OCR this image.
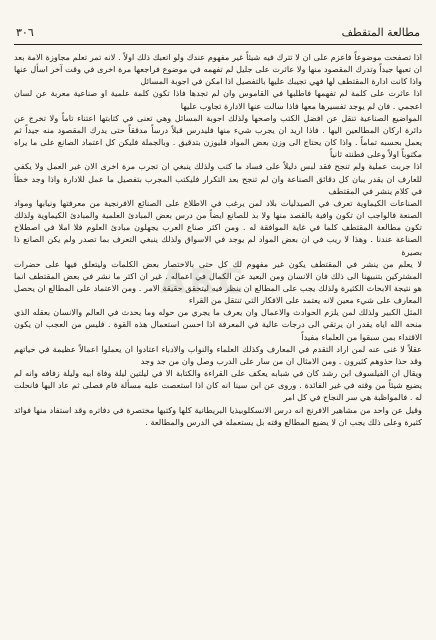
٣٠٦	مطالعة المتقطف

اذا تصفحت موضوعاً فاعزم على ان لا تترك فيه شيئاً غير مفهوم عندك ولو اتعبك ذلك اولاً . لانه تمر تعلم مجاوزة الامة بعد ان تعبها جيداً وتدرك المقصود منها ولا عاثرت على جليل لم تفهمه في موضوع فراجعها مرة اخرى في وقت آخر اسأل عنها واذا كانت ادارة المقتطف لها فهي تجيبك عليها بالتفصيل اذا امكن في اجوبة المسائل

اذا عاثرت على كلمة لم تفهمها فاطلبها في القاموس وان لم تجدها فاذا تكون كلمة علمية او صناعية معربة عن لسان اعجمي . فان لم يوجد تفسيرها معها فاذا سالت عنها الادارة تجاوب عليها

المواضيع الصناعية تنقل عن افضل الكتب واصحها ولذلك اجوبة المسائل وهي تعنى في كتابتها اعتناء تاماً ولا تخرج عن دائرة اركان المطالعين اليها . فاذا اريد ان يجرب شيء منها فليدرس قبلاً درساً مدققاً حتى يدرك المقصود منه جيداً ثم يعمل بحسبه تماماً . واذا كان يحتاج الى وزن بعض المواد فليوزن بتدقيق . وبالجملة فليكن كل اعتماد الصانع على ما يراه مكتوباً اولاً وعلى فطنته ثانياً

اذا جربت عملية ولم تنجح فقد لبس دليلاً على فساد ما كتب ولذلك ينبغي ان تجرب مرة اخرى الان غير العمل ولا يكفي للعارف ان يقدر يبان كل دقائق الصناعة وان لم تنجح بعد التكرار فليكتب المجرب بتفصيل ما عمل للادارة واذا وجد خطأ في كلام ينشر في المقتطف

الصناعات الكيماوية تعرف في الصيدليات بلاد لمن يرغب في الاطلاع على الصنائع الافرنجية من معرفتها ونيابها ومواد الصنعة فالواجب ان تكون وافية بالقصد منها ولا بد للصانع ايضاً من درس بعض المبادئ العلمية والمبادئ الكيماوية ولذلك تكون مطالعة المقتطف كلما في غاية الموافقة له . ومن اكثر صناع العرب يجهلون مبادئ العلوم فلا املا في اصطلاح الصناعة عندنا . وهذا لا ريب في ان بعض المواد لم يوجد في الاسواق ولذلك ينبغي التعرف بما تصدر ولم يكن الصانع ذا بصيرة

لا يعلم من ينشر في المقتطف يكون غير مفهوم لك كل حتى بالاختصار بعض الكلمات وليتعلق فيها على حضرات المشتركين بتنبيهنا الى ذلك فان الانسان ومن البعيد عن الكمال في اعماله . غير ان اكثر ما نشر في بعض المقتطف انما هو نتيجة الابحاث الكثيرة ولذلك يجب على المطالع ان ينظر فيه ليتحقق حقيقة الامر . ومن الاعتماد على المطالع ان يحصل المعارف على شيء معين لانه يعتمد على الافكار التي تنتقل من القراء

المثل الكبير ولذلك لمن يلزم الحوادث والاعمال وان يعرف ما يجري من حوله وما يحدث في العالم والانسان بعقله الذي منحه الله اياه يقدر ان يرتقي الى درجات عالية في المعرفة اذا احسن استعمال هذه القوة . فليس من العجب ان يكون الاقتداء بمن سبقوا من العلماء مفيداً

عقلاً لا غنى عنه لمن اراد التقدم في المعارف وكذلك العلماء والنواب والادباء اعتادوا ان يعملوا اعمالاً عظيمة في حياتهم وقد حذا حذوهم كثيرون . ومن الامثال ان من سار على الدرب وصل وان من جد وجد

ويقال ان الفيلسوف ابن رشد كان في شبابه يعكف على القراءة والكتابة الا في ليلتين ليلة وفاة ابيه وليلة زفافه وانه لم يضيع شيئاً من وقته في غير الفائدة . وروى عن ابن سينا انه كان اذا استعصت عليه مسألة قام فصلى ثم عاد اليها فانحلت له . فالمواظبة هي سر النجاح في كل امر

وقيل عن واحد من مشاهير الافرنج انه درس الانسكلوبيذيا البريطانية كلها وكتبها مختصرة في دفاتره وقد استفاد منها فوائد كثيرة وعلى ذلك يجب ان لا يضيع المطالع وقته بل يستعمله في الدرس والمطالعة .

ARC
